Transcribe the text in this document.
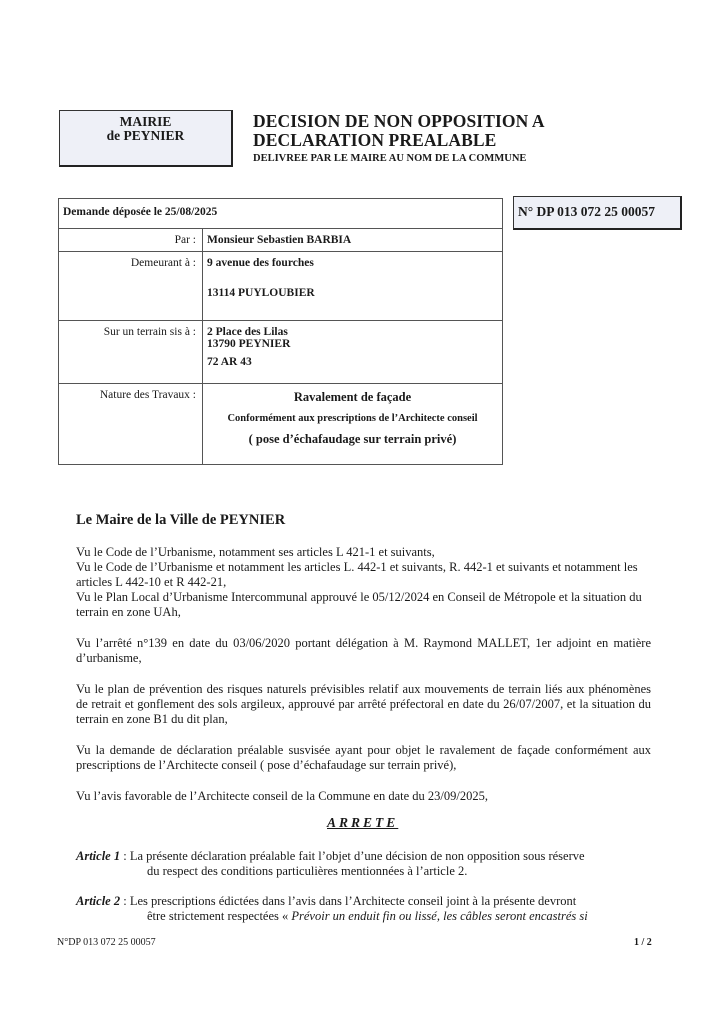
MAIRIE
de PEYNIER
DECISION DE NON OPPOSITION A
DECLARATION PREALABLE
DELIVREE PAR LE MAIRE AU NOM DE LA COMMUNE
N° DP 013 072 25 00057
Demande déposée le 25/08/2025	

Par :	Monsieur Sebastien BARBIA

Demeurant à :	9 avenue des fourches
13114 PUYLOUBIER

Sur un terrain sis à :	2 Place des Lilas
13790 PEYNIER
72 AR 43

Nature des Travaux :	Ravalement de façade
Conformément aux prescriptions de l’Architecte conseil
( pose d’échafaudage sur terrain privé)
Le Maire de la Ville de PEYNIER
Vu le Code de l’Urbanisme, notamment ses articles L 421-1 et suivants,
Vu le Code de l’Urbanisme et notamment les articles L. 442-1 et suivants, R. 442-1 et suivants et notamment les articles L 442-10 et R 442-21,
Vu le Plan Local d’Urbanisme Intercommunal approuvé le 05/12/2024 en Conseil de Métropole et la situation du terrain en zone UAh,
Vu l’arrêté n°139 en date du 03/06/2020 portant délégation à M. Raymond MALLET, 1er adjoint en matière d’urbanisme,
Vu le plan de prévention des risques naturels prévisibles relatif aux mouvements de terrain liés aux phénomènes de retrait et gonflement des sols argileux, approuvé par arrêté préfectoral en date du 26/07/2007, et la situation du terrain en zone B1 du dit plan,
Vu la demande de déclaration préalable susvisée ayant pour objet le ravalement de façade conformément aux prescriptions de l’Architecte conseil ( pose d’échafaudage sur terrain privé),
Vu l’avis favorable de l’Architecte conseil de la Commune en date du 23/09/2025,
ARRETE
Article 1 : La présente déclaration préalable fait l’objet d’une décision de non opposition sous réserve
du respect des conditions particulières mentionnées à l’article 2.
Article 2 : Les prescriptions édictées dans l’avis dans l’Architecte conseil joint à la présente devront
être strictement respectées « Prévoir un enduit fin ou lissé, les câbles seront encastrés si
N°DP 013 072 25 00057	1 / 2
